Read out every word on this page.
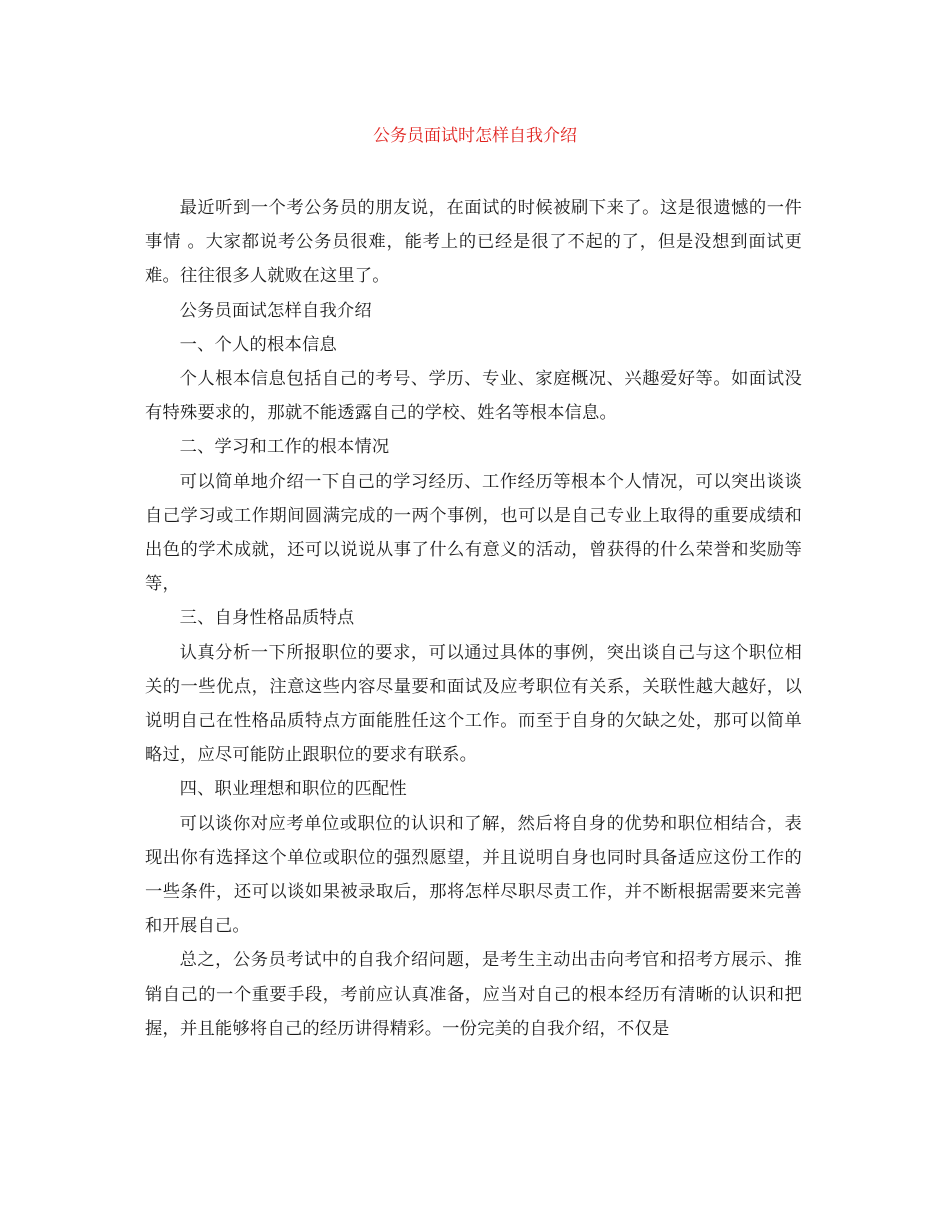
公务员面试时怎样自我介绍

最近听到一个考公务员的朋友说，在面试的时候被刷下来了。这是很遗憾的一件事情 。大家都说考公务员很难，能考上的已经是很了不起的了，但是没想到面试更难。往往很多人就败在这里了。

公务员面试怎样自我介绍

一、个人的根本信息

个人根本信息包括自己的考号、学历、专业、家庭概况、兴趣爱好等。如面试没有特殊要求的，那就不能透露自己的学校、姓名等根本信息。

二、学习和工作的根本情况

可以简单地介绍一下自己的学习经历、工作经历等根本个人情况，可以突出谈谈自己学习或工作期间圆满完成的一两个事例，也可以是自己专业上取得的重要成绩和出色的学术成就，还可以说说从事了什么有意义的活动，曾获得的什么荣誉和奖励等等，

三、自身性格品质特点

认真分析一下所报职位的要求，可以通过具体的事例，突出谈自己与这个职位相关的一些优点，注意这些内容尽量要和面试及应考职位有关系，关联性越大越好，以说明自己在性格品质特点方面能胜任这个工作。而至于自身的欠缺之处，那可以简单略过，应尽可能防止跟职位的要求有联系。

四、职业理想和职位的匹配性

可以谈你对应考单位或职位的认识和了解，然后将自身的优势和职位相结合，表现出你有选择这个单位或职位的强烈愿望，并且说明自身也同时具备适应这份工作的一些条件，还可以谈如果被录取后，那将怎样尽职尽责工作，并不断根据需要来完善和开展自己。

总之，公务员考试中的自我介绍问题，是考生主动出击向考官和招考方展示、推销自己的一个重要手段，考前应认真准备，应当对自己的根本经历有清晰的认识和把握，并且能够将自己的经历讲得精彩。一份完美的自我介绍，不仅是
